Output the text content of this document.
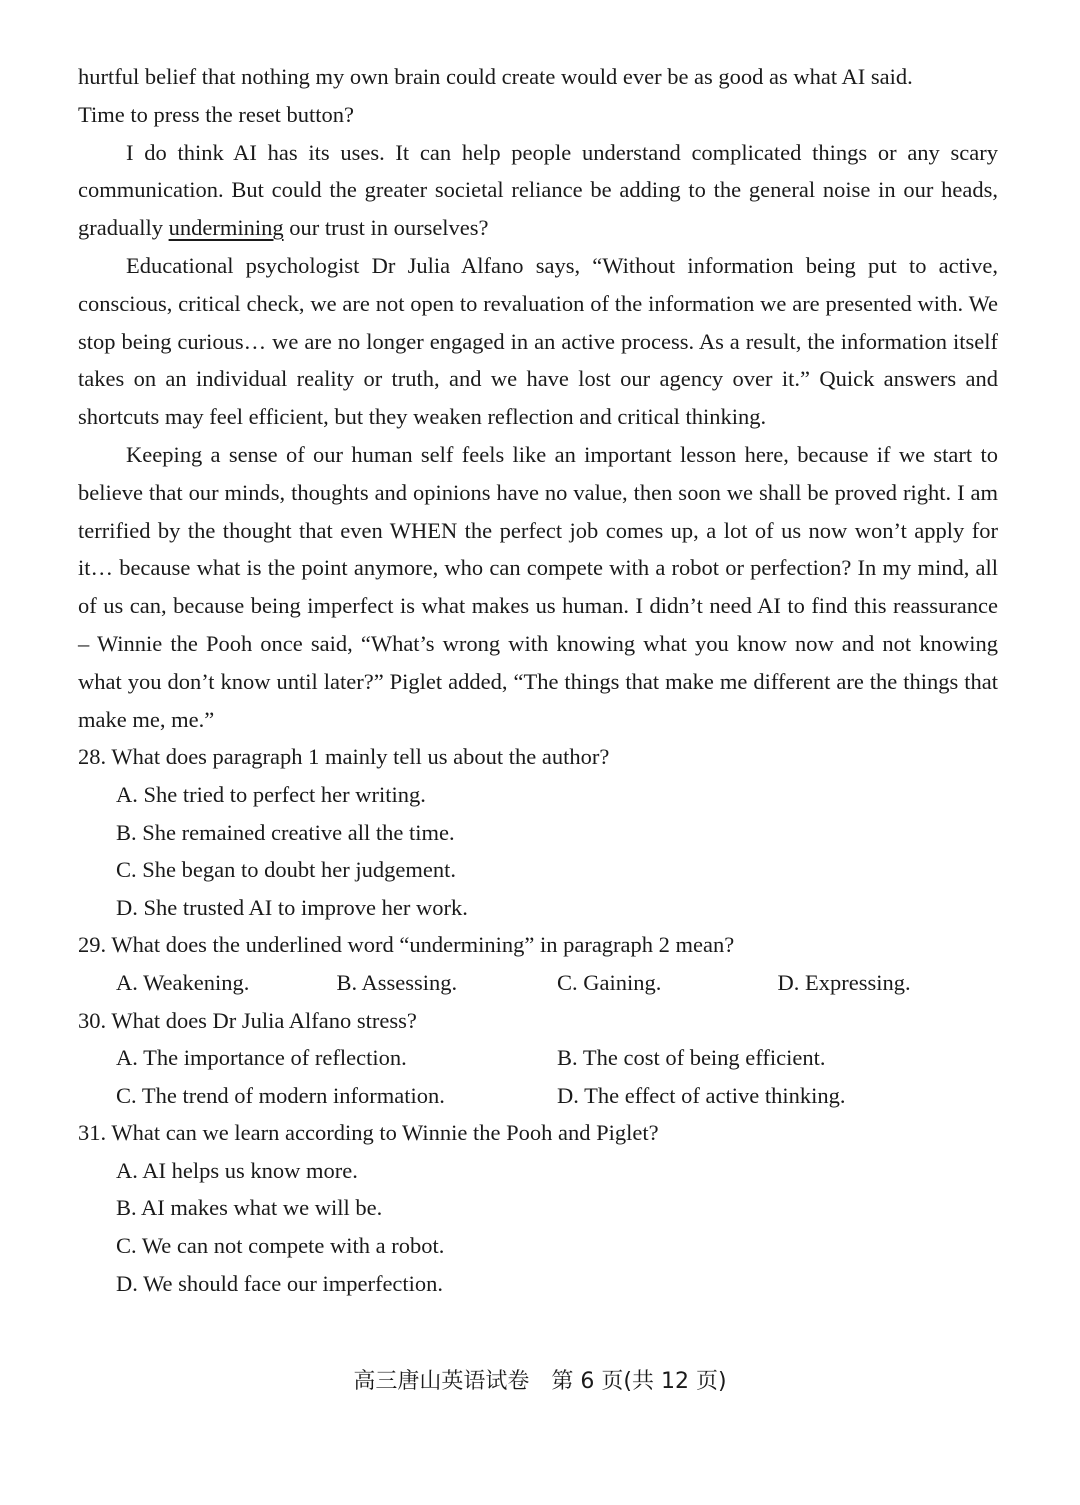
hurtful belief that nothing my own brain could create would ever be as good as what AI said.
Time to press the reset button?

I do think AI has its uses. It can help people understand complicated things or any scary communication. But could the greater societal reliance be adding to the general noise in our heads, gradually undermining our trust in ourselves?

Educational psychologist Dr Julia Alfano says, “Without information being put to active, conscious, critical check, we are not open to revaluation of the information we are presented with. We stop being curious… we are no longer engaged in an active process. As a result, the information itself takes on an individual reality or truth, and we have lost our agency over it.” Quick answers and shortcuts may feel efficient, but they weaken reflection and critical thinking.

Keeping a sense of our human self feels like an important lesson here, because if we start to believe that our minds, thoughts and opinions have no value, then soon we shall be proved right. I am terrified by the thought that even WHEN the perfect job comes up, a lot of us now won’t apply for it… because what is the point anymore, who can compete with a robot or perfection? In my mind, all of us can, because being imperfect is what makes us human. I didn’t need AI to find this reassurance – Winnie the Pooh once said, “What’s wrong with knowing what you know now and not knowing what you don’t know until later?” Piglet added, “The things that make me different are the things that make me, me.”

28. What does paragraph 1 mainly tell us about the author?

A. She tried to perfect her writing.

B. She remained creative all the time.

C. She began to doubt her judgement.

D. She trusted AI to improve her work.

29. What does the underlined word “undermining” in paragraph 2 mean?

A. Weakening.	B. Assessing.	C. Gaining.	D. Expressing.

30. What does Dr Julia Alfano stress?

A. The importance of reflection.	B. The cost of being efficient.
C. The trend of modern information.	D. The effect of active thinking.

31. What can we learn according to Winnie the Pooh and Piglet?

A. AI helps us know more.

B. AI makes what we will be.

C. We can not compete with a robot.

D. We should face our imperfection.

高三唐山英语试卷　第 6 页(共 12 页)
